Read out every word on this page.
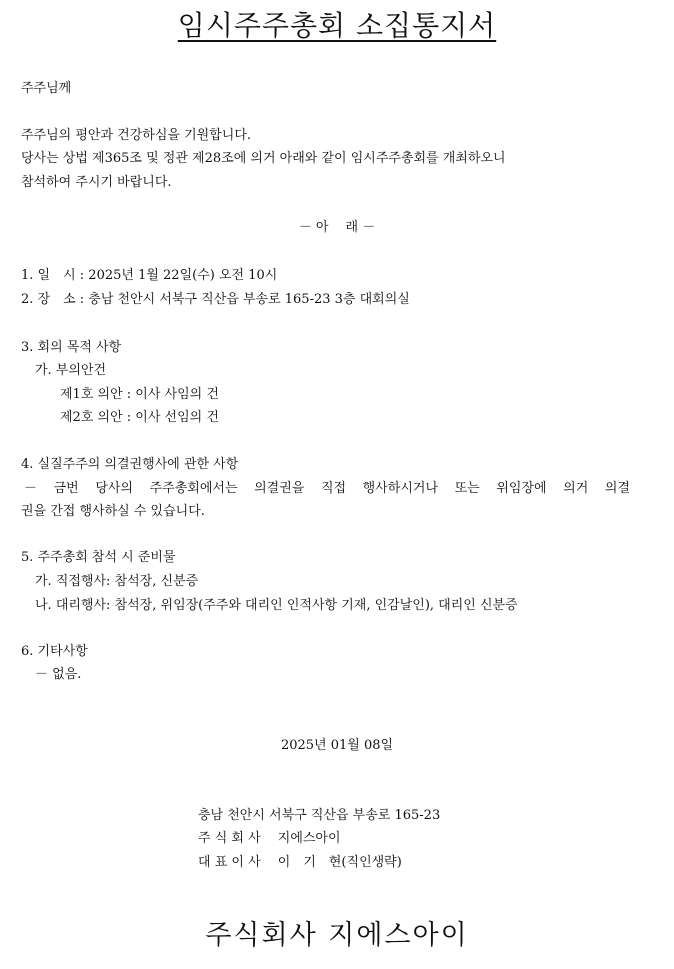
임시주주총회 소집통지서
주주님께
주주님의 평안과 건강하심을 기원합니다.
당사는 상법 제365조 및 정관 제28조에 의거 아래와 같이 임시주주총회를 개최하오니
참석하여 주시기 바랍니다.
－ 아　 래 －
1. 일　시 : 2025년 1월 22일(수) 오전 10시
2. 장　소 : 충남 천안시 서북구 직산읍 부송로 165-23 3층 대회의실
3. 회의 목적 사항
가. 부의안건
제1호 의안 : 이사 사임의 건
제2호 의안 : 이사 선임의 건
4. 실질주주의 의결권행사에 관한 사항
－ 금번 당사의 주주총회에서는 의결권을 직접 행사하시거나 또는 위임장에 의거 의결
권을 간접 행사하실 수 있습니다.
5. 주주총회 참석 시 준비물
가. 직접행사: 참석장, 신분증
나. 대리행사: 참석장, 위임장(주주와 대리인 인적사항 기재, 인감날인), 대리인 신분증
6. 기타사항
－ 없음.
2025년 01월 08일
충남 천안시 서북구 직산읍 부송로 165-23
주 식 회 사　 지에스아이
대 표 이 사　 이　기　현(직인생략)
주식회사 지에스아이
